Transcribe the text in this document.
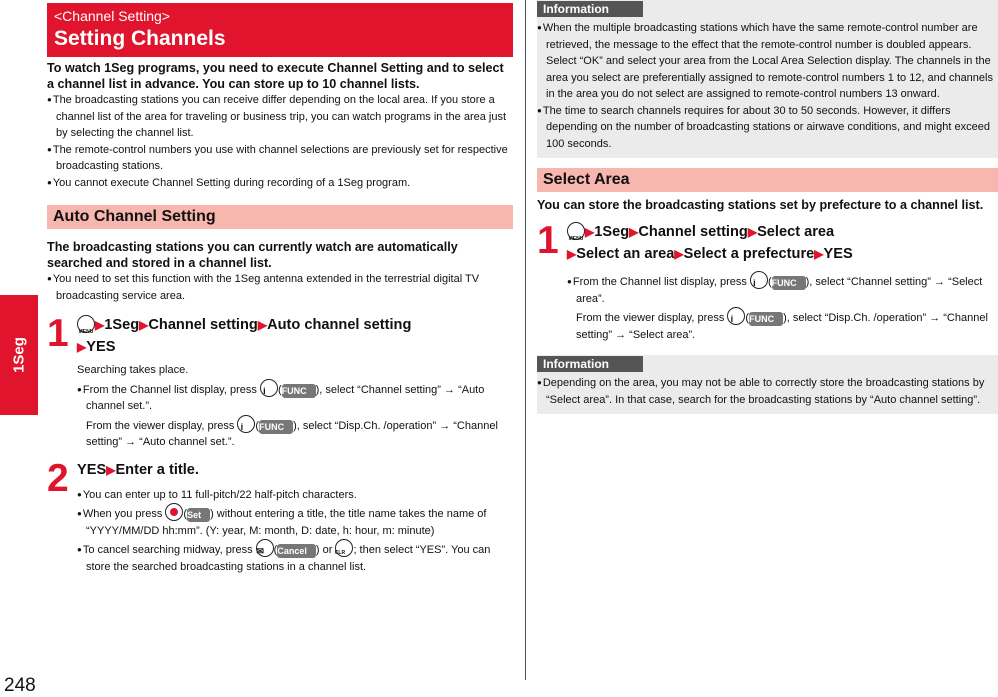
1Seg
248
<Channel Setting>
Setting Channels

To watch 1Seg programs, you need to execute Channel Setting and to select a channel list in advance. You can store up to 10 channel lists.

● The broadcasting stations you can receive differ depending on the local area. If you store a channel list of the area for traveling or business trip, you can watch programs in the area just by selecting the channel list.
● The remote-control numbers you use with channel selections are previously set for respective broadcasting stations.
● You cannot execute Channel Setting during recording of a 1Seg program.
Auto Channel Setting

The broadcasting stations you can currently watch are automatically searched and stored in a channel list.

● You need to set this function with the 1Seg antenna extended in the terrestrial digital TV broadcasting service area.
1 MENU ▶1Seg▶Channel setting▶Auto channel setting
▶YES
Searching takes place.
● From the Channel list display, press i	(FUNC ), select “Channel setting” → “Auto channel set.”.
From the viewer display, press i	(FUNC ), select “Disp.Ch. /operation” → “Channel setting” → “Auto channel set.”.
2 YES▶Enter a title.
● You can enter up to 11 full-pitch/22 half-pitch characters.
● When you press (Set ) without entering a title, the title name takes the name of “YYYY/MM/DD hh:mm”. (Y: year, M: month, D: date, h: hour, m: minute)
● To cancel searching midway, press ✉ (Cancel ) or CLR ; then select “YES”. You can store the searched broadcasting stations in a channel list.
Information
● When the multiple broadcasting stations which have the same remote-control number are retrieved, the message to the effect that the remote-control number is doubled appears. Select “OK” and select your area from the Local Area Selection display. The channels in the area you select are preferentially assigned to remote-control numbers 1 to 12, and channels in the area you do not select are assigned to remote-control numbers 13 onward.
● The time to search channels requires for about 30 to 50 seconds. However, it differs depending on the number of broadcasting stations or airwave conditions, and might exceed 100 seconds.
Select Area

You can store the broadcasting stations set by prefecture to a channel list.

1 MENU ▶1Seg▶Channel setting▶Select area
▶Select an area▶Select a prefecture▶YES
● From the Channel list display, press i	(FUNC ), select “Channel setting” → “Select area”.
From the viewer display, press i	(FUNC ), select “Disp.Ch. /operation” → “Channel setting” → “Select area”.
Information
● Depending on the area, you may not be able to correctly store the broadcasting stations by “Select area”. In that case, search for the broadcasting stations by “Auto channel setting”.
